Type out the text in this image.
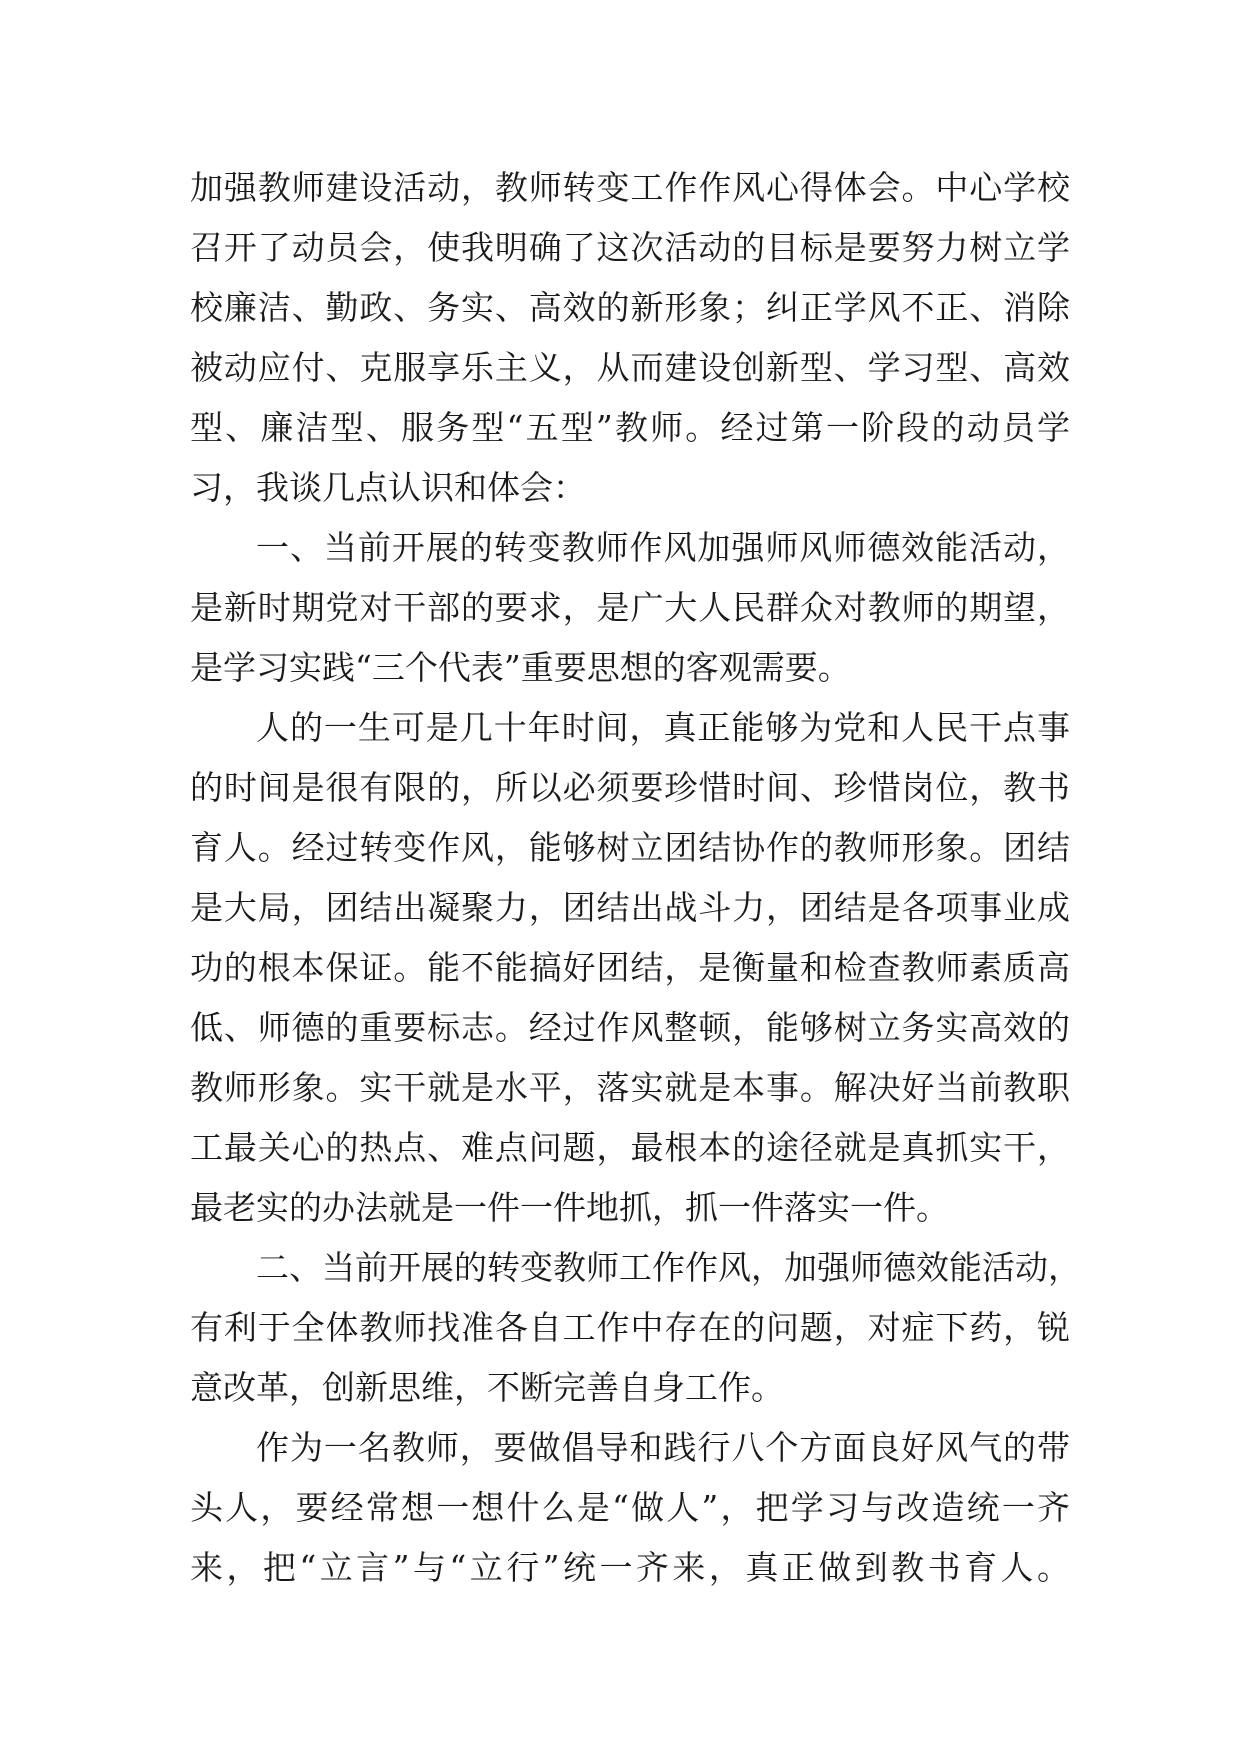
加强教师建设活动，教师转变工作作风心得体会。中心学校
召开了动员会，使我明确了这次活动的目标是要努力树立学
校廉洁、勤政、务实、高效的新形象；纠正学风不正、消除
被动应付、克服享乐主义，从而建设创新型、学习型、高效
型、廉洁型、服务型“五型”教师。经过第一阶段的动员学
习，我谈几点认识和体会：
一、当前开展的转变教师作风加强师风师德效能活动，
是新时期党对干部的要求，是广大人民群众对教师的期望，
是学习实践“三个代表”重要思想的客观需要。
人的一生可是几十年时间，真正能够为党和人民干点事
的时间是很有限的，所以必须要珍惜时间、珍惜岗位，教书
育人。经过转变作风，能够树立团结协作的教师形象。团结
是大局，团结出凝聚力，团结出战斗力，团结是各项事业成
功的根本保证。能不能搞好团结，是衡量和检查教师素质高
低、师德的重要标志。经过作风整顿，能够树立务实高效的
教师形象。实干就是水平，落实就是本事。解决好当前教职
工最关心的热点、难点问题，最根本的途径就是真抓实干，
最老实的办法就是一件一件地抓，抓一件落实一件。
二、当前开展的转变教师工作作风，加强师德效能活动，
有利于全体教师找准各自工作中存在的问题，对症下药，锐
意改革，创新思维，不断完善自身工作。
作为一名教师，要做倡导和践行八个方面良好风气的带
头人，要经常想一想什么是“做人”，把学习与改造统一齐
来，把“立言”与“立行”统一齐来，真正做到教书育人。
